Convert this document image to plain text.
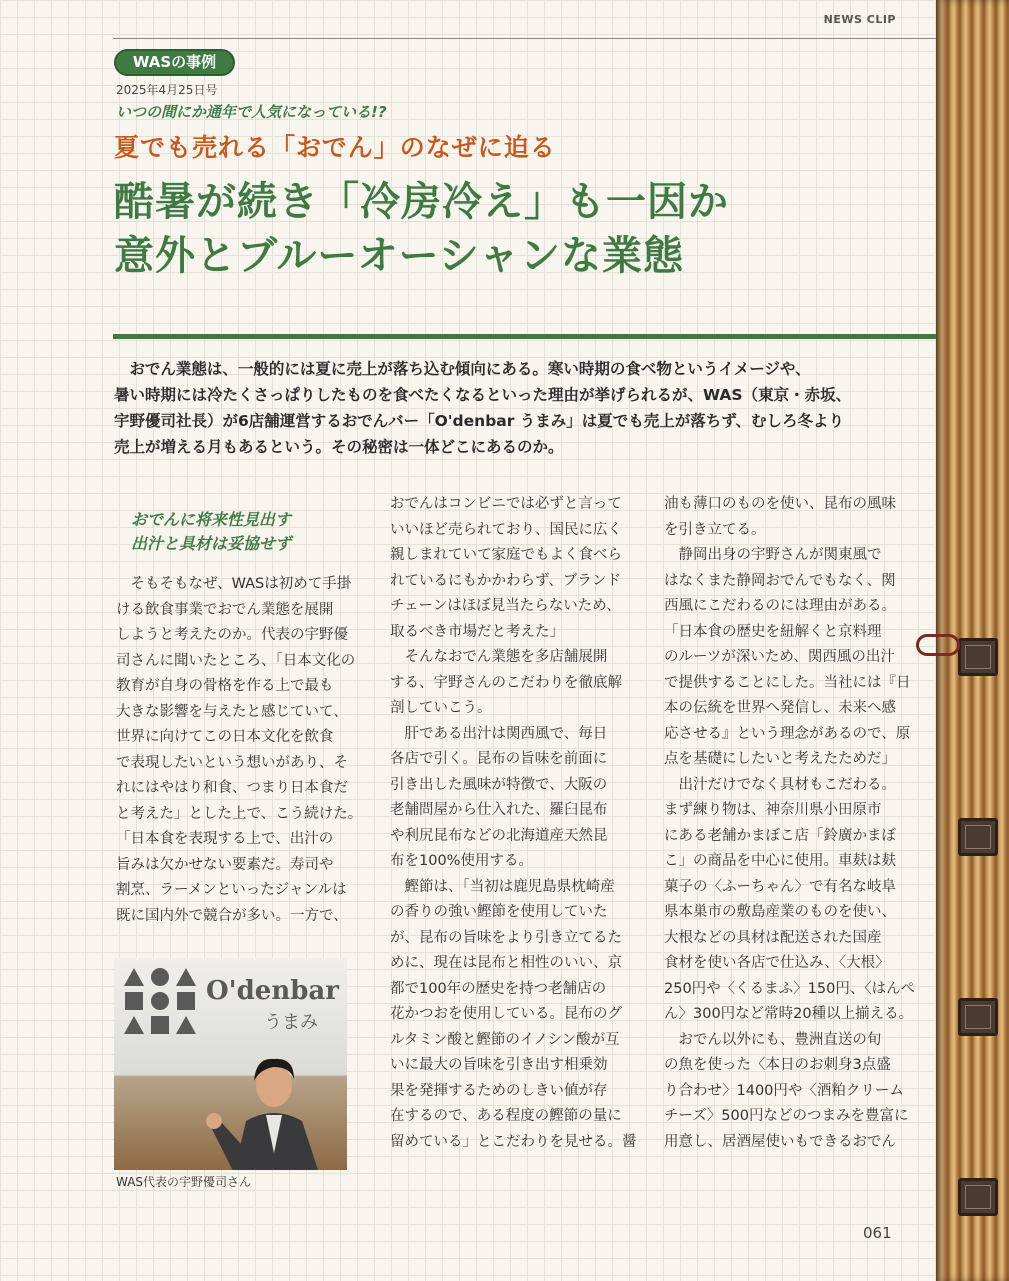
NEWS CLIP
WASの事例
2025年4月25日号
いつの間にか通年で人気になっている!?
夏でも売れる「おでん」のなぜに迫る
酷暑が続き「冷房冷え」も一因か
意外とブルーオーシャンな業態
　おでん業態は、一般的には夏に売上が落ち込む傾向にある。寒い時期の食べ物というイメージや、
暑い時期には冷たくさっぱりしたものを食べたくなるといった理由が挙げられるが、WAS（東京・赤坂、
宇野優司社長）が6店舗運営するおでんバー「O'denbar うまみ」は夏でも売上が落ちず、むしろ冬より
売上が増える月もあるという。その秘密は一体どこにあるのか。
おでんに将来性見出す
出汁と具材は妥協せず
　そもそもなぜ、WASは初めて手掛
ける飲食事業でおでん業態を展開
しようと考えたのか。代表の宇野優
司さんに聞いたところ、「日本文化の
教育が自身の骨格を作る上で最も
大きな影響を与えたと感じていて、
世界に向けてこの日本文化を飲食
で表現したいという想いがあり、そ
れにはやはり和食、つまり日本食だ
と考えた」とした上で、こう続けた。
「日本食を表現する上で、出汁の
旨みは欠かせない要素だ。寿司や
割烹、ラーメンといったジャンルは
既に国内外で競合が多い。一方で、
おでんはコンビニでは必ずと言って
いいほど売られており、国民に広く
親しまれていて家庭でもよく食べら
れているにもかかわらず、ブランド
チェーンはほぼ見当たらないため、
取るべき市場だと考えた」
　そんなおでん業態を多店舗展開
する、宇野さんのこだわりを徹底解
剖していこう。
　肝である出汁は関西風で、毎日
各店で引く。昆布の旨味を前面に
引き出した風味が特徴で、大阪の
老舗問屋から仕入れた、羅臼昆布
や利尻昆布などの北海道産天然昆
布を100%使用する。
　鰹節は、「当初は鹿児島県枕崎産
の香りの強い鰹節を使用していた
が、昆布の旨味をより引き立てるた
めに、現在は昆布と相性のいい、京
都で100年の歴史を持つ老舗店の
花かつおを使用している。昆布のグ
ルタミン酸と鰹節のイノシン酸が互
いに最大の旨味を引き出す相乗効
果を発揮するためのしきい値が存
在するので、ある程度の鰹節の量に
留めている」とこだわりを見せる。醤
油も薄口のものを使い、昆布の風味
を引き立てる。
　静岡出身の宇野さんが関東風で
はなくまた静岡おでんでもなく、関
西風にこだわるのには理由がある。
「日本食の歴史を紐解くと京料理
のルーツが深いため、関西風の出汁
で提供することにした。当社には『日
本の伝統を世界へ発信し、未来へ感
応させる』という理念があるので、原
点を基礎にしたいと考えたためだ」
　出汁だけでなく具材もこだわる。
まず練り物は、神奈川県小田原市
にある老舗かまぼこ店「鈴廣かまぼ
こ」の商品を中心に使用。車麸は麸
菓子の〈ふーちゃん〉で有名な岐阜
県本巣市の敷島産業のものを使い、
大根などの具材は配送された国産
食材を使い各店で仕込み、〈大根〉
250円や〈くるまふ〉150円、〈はんぺ
ん〉300円など常時20種以上揃える。
　おでん以外にも、豊洲直送の旬
の魚を使った〈本日のお刺身3点盛
り合わせ〉1400円や〈酒粕クリーム
チーズ〉500円などのつまみを豊富に
用意し、居酒屋使いもできるおでん
O'denbar
うまみ
WAS代表の宇野優司さん
061
